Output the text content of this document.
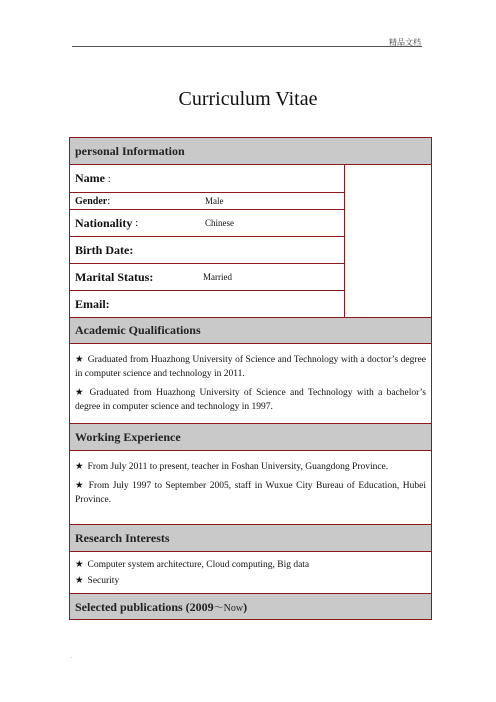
精品文档
Curriculum Vitae
personal Information
Name :
Gender :	Male
Nationality :	Chinese
Birth Date:
Marital Status:	Married
Email:
Academic Qualifications
★ Graduated from Huazhong University of Science and Technology with a doctor’s degree in computer science and technology in 2011.
★ Graduated from Huazhong University of Science and Technology with a bachelor’s degree in computer science and technology in 1997.
Working Experience
★ From July 2011 to present, teacher in Foshan University, Guangdong Province.
★ From July 1997 to September 2005, staff in Wuxue City Bureau of Education, Hubei Province.
Research Interests
★ Computer system architecture, Cloud computing, Big data
★ Security
Selected publications (2009～Now)
.
